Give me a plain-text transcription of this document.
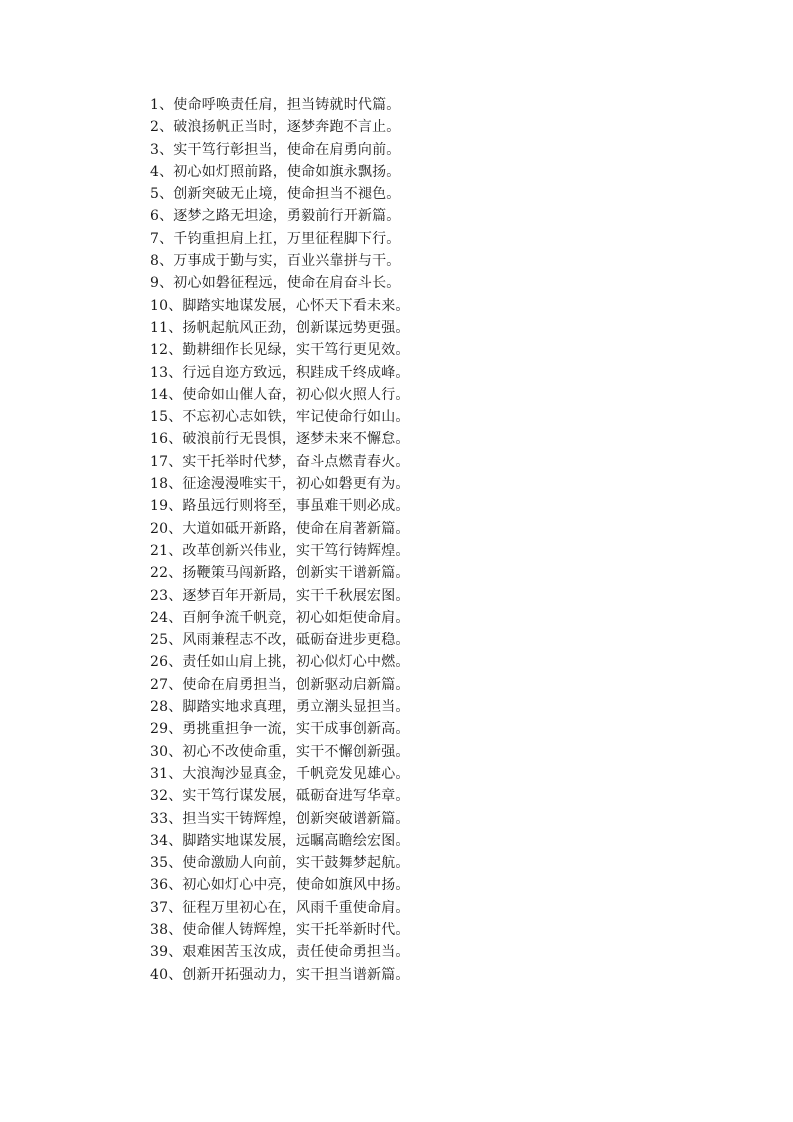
1、使命呼唤责任肩，担当铸就时代篇。
2、破浪扬帆正当时，逐梦奔跑不言止。
3、实干笃行彰担当，使命在肩勇向前。
4、初心如灯照前路，使命如旗永飘扬。
5、创新突破无止境，使命担当不褪色。
6、逐梦之路无坦途，勇毅前行开新篇。
7、千钧重担肩上扛，万里征程脚下行。
8、万事成于勤与实，百业兴靠拼与干。
9、初心如磐征程远，使命在肩奋斗长。
10、脚踏实地谋发展，心怀天下看未来。
11、扬帆起航风正劲，创新谋远势更强。
12、勤耕细作长见绿，实干笃行更见效。
13、行远自迩方致远，积跬成千终成峰。
14、使命如山催人奋，初心似火照人行。
15、不忘初心志如铁，牢记使命行如山。
16、破浪前行无畏惧，逐梦未来不懈怠。
17、实干托举时代梦，奋斗点燃青春火。
18、征途漫漫唯实干，初心如磐更有为。
19、路虽远行则将至，事虽难干则必成。
20、大道如砥开新路，使命在肩著新篇。
21、改革创新兴伟业，实干笃行铸辉煌。
22、扬鞭策马闯新路，创新实干谱新篇。
23、逐梦百年开新局，实干千秋展宏图。
24、百舸争流千帆竞，初心如炬使命肩。
25、风雨兼程志不改，砥砺奋进步更稳。
26、责任如山肩上挑，初心似灯心中燃。
27、使命在肩勇担当，创新驱动启新篇。
28、脚踏实地求真理，勇立潮头显担当。
29、勇挑重担争一流，实干成事创新高。
30、初心不改使命重，实干不懈创新强。
31、大浪淘沙显真金，千帆竞发见雄心。
32、实干笃行谋发展，砥砺奋进写华章。
33、担当实干铸辉煌，创新突破谱新篇。
34、脚踏实地谋发展，远瞩高瞻绘宏图。
35、使命激励人向前，实干鼓舞梦起航。
36、初心如灯心中亮，使命如旗风中扬。
37、征程万里初心在，风雨千重使命肩。
38、使命催人铸辉煌，实干托举新时代。
39、艰难困苦玉汝成，责任使命勇担当。
40、创新开拓强动力，实干担当谱新篇。
